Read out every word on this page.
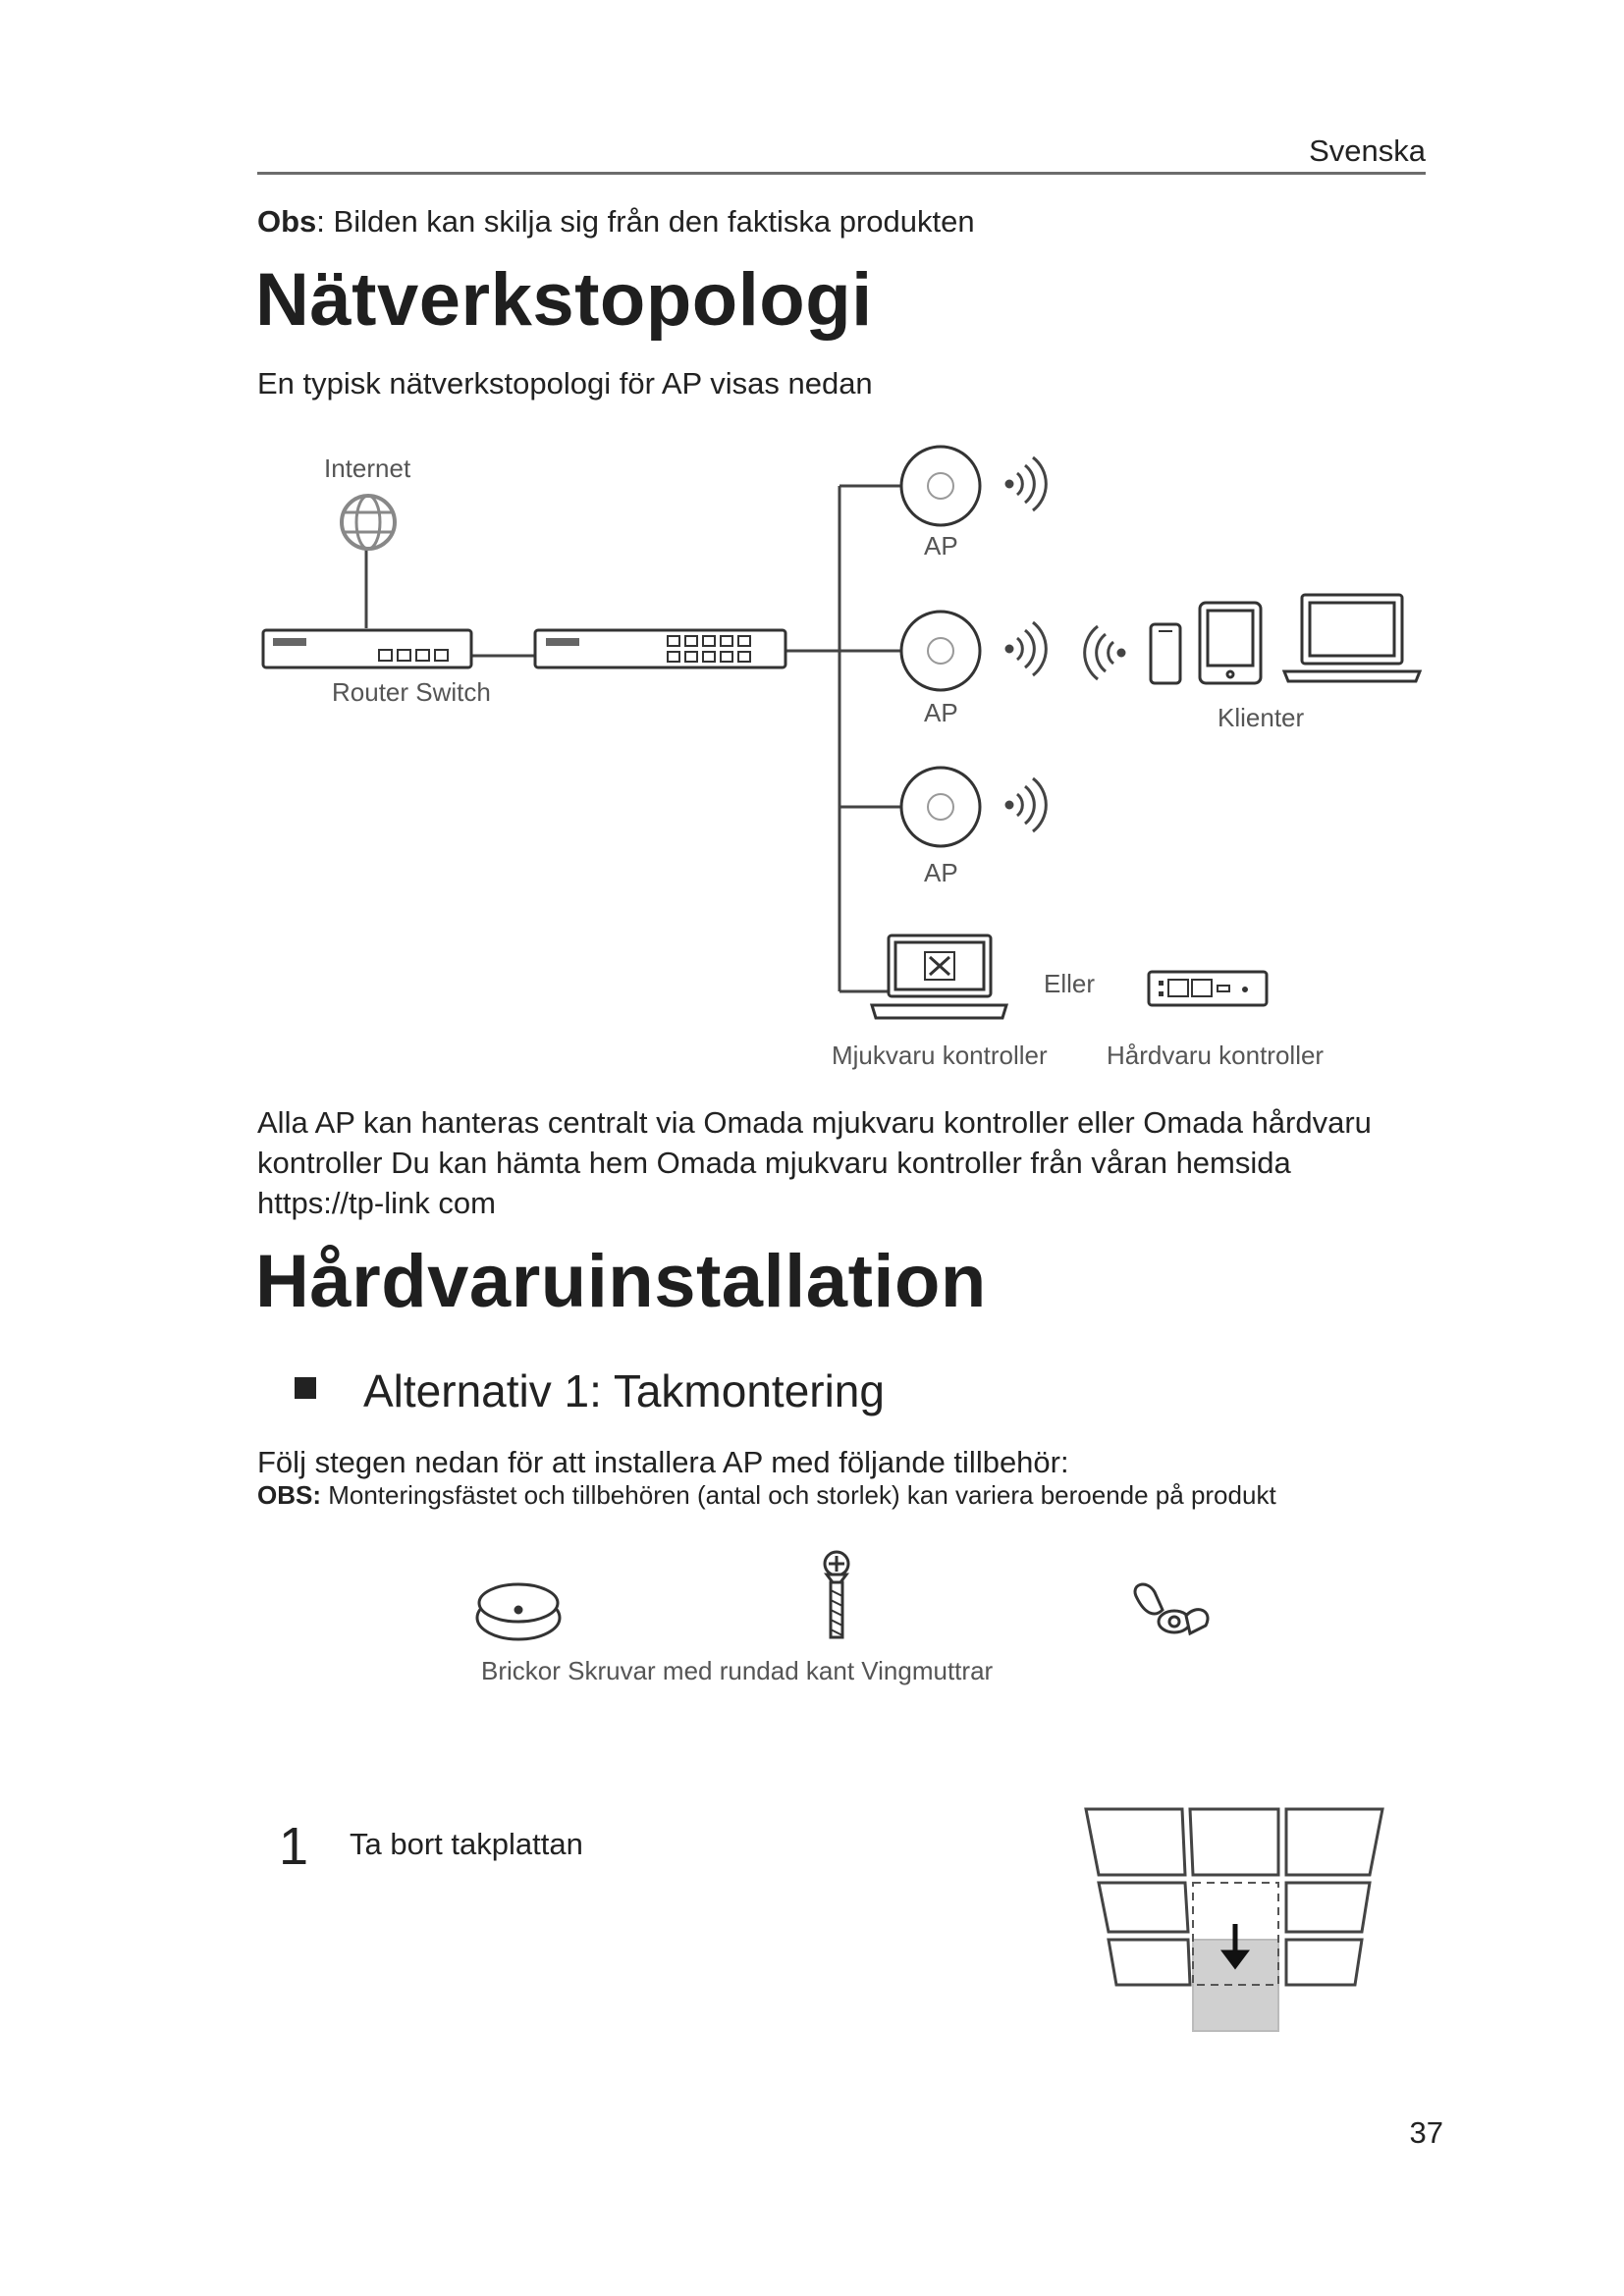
Svenska
Obs: Bilden kan skilja sig från den faktiska produkten
Nätverkstopologi
En typisk nätverkstopologi för AP visas nedan
Internet
Router Switch
AP
AP
AP
Klienter
Eller
Mjukvaru kontroller Hårdvaru kontroller
Brickor Skruvar med rundad kant Vingmuttrar
Alla AP kan hanteras centralt via Omada mjukvaru kontroller eller Omada hårdvaru
kontroller Du kan hämta hem Omada mjukvaru kontroller från våran hemsida
https://tp-link com
Hårdvaruinstallation
Alternativ 1: Takmontering
Följ stegen nedan för att installera AP med följande tillbehör:
OBS: Monteringsfästet och tillbehören (antal och storlek) kan variera beroende på produkt
1 Ta bort takplattan
37
